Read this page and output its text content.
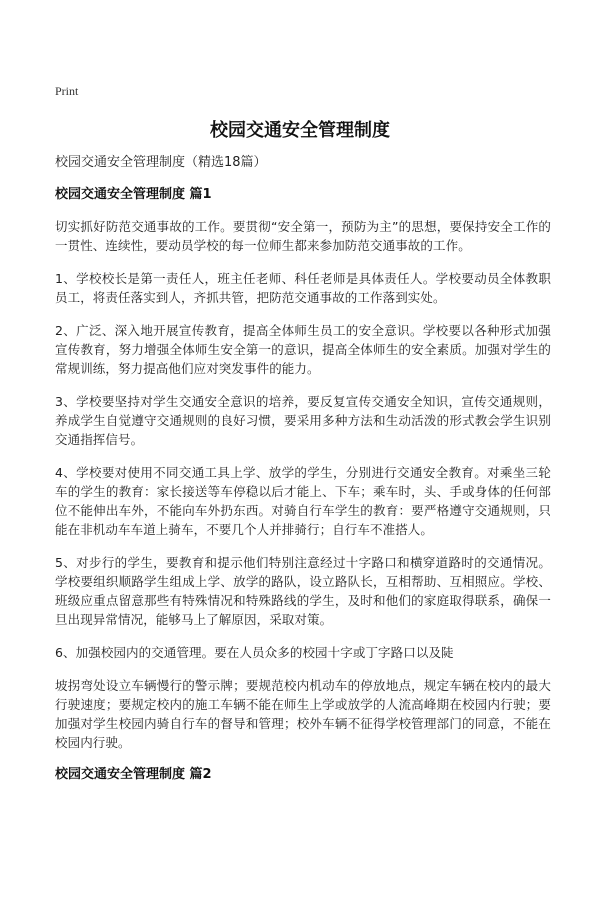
Print
校园交通安全管理制度

校园交通安全管理制度（精选18篇）

校园交通安全管理制度 篇1

切实抓好防范交通事故的工作。要贯彻“安全第一，预防为主”的思想，要保持安全工作的一贯性、连续性，要动员学校的每一位师生都来参加防范交通事故的工作。

1、学校校长是第一责任人，班主任老师、科任老师是具体责任人。学校要动员全体教职员工，将责任落实到人，齐抓共管，把防范交通事故的工作落到实处。

2、广泛、深入地开展宣传教育，提高全体师生员工的安全意识。学校要以各种形式加强宣传教育，努力增强全体师生安全第一的意识，提高全体师生的安全素质。加强对学生的常规训练，努力提高他们应对突发事件的能力。

3、学校要坚持对学生交通安全意识的培养，要反复宣传交通安全知识，宣传交通规则，养成学生自觉遵守交通规则的良好习惯，要采用多种方法和生动活泼的形式教会学生识别交通指挥信号。

4、学校要对使用不同交通工具上学、放学的学生，分别进行交通安全教育。对乘坐三轮车的学生的教育：家长接送等车停稳以后才能上、下车；乘车时，头、手或身体的任何部位不能伸出车外，不能向车外扔东西。对骑自行车学生的教育：要严格遵守交通规则，只能在非机动车车道上骑车，不要几个人并排骑行；自行车不准搭人。

5、对步行的学生，要教育和提示他们特别注意经过十字路口和横穿道路时的交通情况。学校要组织顺路学生组成上学、放学的路队，设立路队长，互相帮助、互相照应。学校、班级应重点留意那些有特殊情况和特殊路线的学生，及时和他们的家庭取得联系，确保一旦出现异常情况，能够马上了解原因，采取对策。

6、加强校园内的交通管理。要在人员众多的校园十字或丁字路口以及陡

坡拐弯处设立车辆慢行的警示牌；要规范校内机动车的停放地点，规定车辆在校内的最大行驶速度；要规定校内的施工车辆不能在师生上学或放学的人流高峰期在校园内行驶；要加强对学生校园内骑自行车的督导和管理；校外车辆不征得学校管理部门的同意，不能在校园内行驶。

校园交通安全管理制度 篇2
